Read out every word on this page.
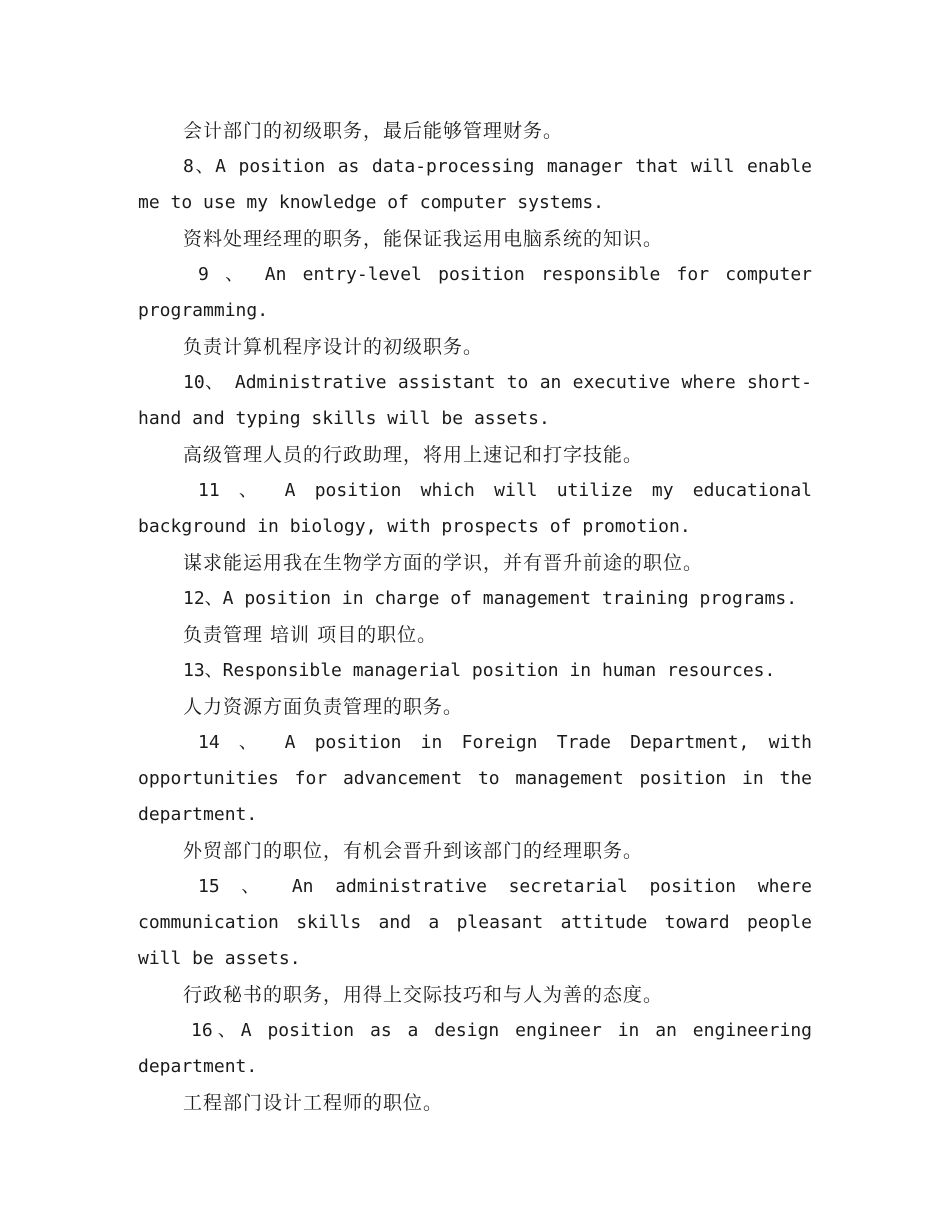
会计部门的初级职务，最后能够管理财务。

8、A position as data-processing manager that will enable me to use my knowledge of computer systems.

资料处理经理的职务，能保证我运用电脑系统的知识。

9 、 An entry-level position responsible for computer programming.

负责计算机程序设计的初级职务。

10、 Administrative assistant to an executive where short-hand and typing skills will be assets.

高级管理人员的行政助理，将用上速记和打字技能。

11 、 A position which will utilize my educational background in biology, with prospects of promotion.

谋求能运用我在生物学方面的学识，并有晋升前途的职位。

12、A position in charge of management training programs.

负责管理 培训 项目的职位。

13、Responsible managerial position in human resources.

人力资源方面负责管理的职务。

14 、 A position in Foreign Trade Department, with opportunities for advancement to management position in the department.

外贸部门的职位，有机会晋升到该部门的经理职务。

15 、 An administrative secretarial position where communication skills and a pleasant attitude toward people will be assets.

行政秘书的职务，用得上交际技巧和与人为善的态度。

16、A position as a design engineer in an engineering department.

工程部门设计工程师的职位。
